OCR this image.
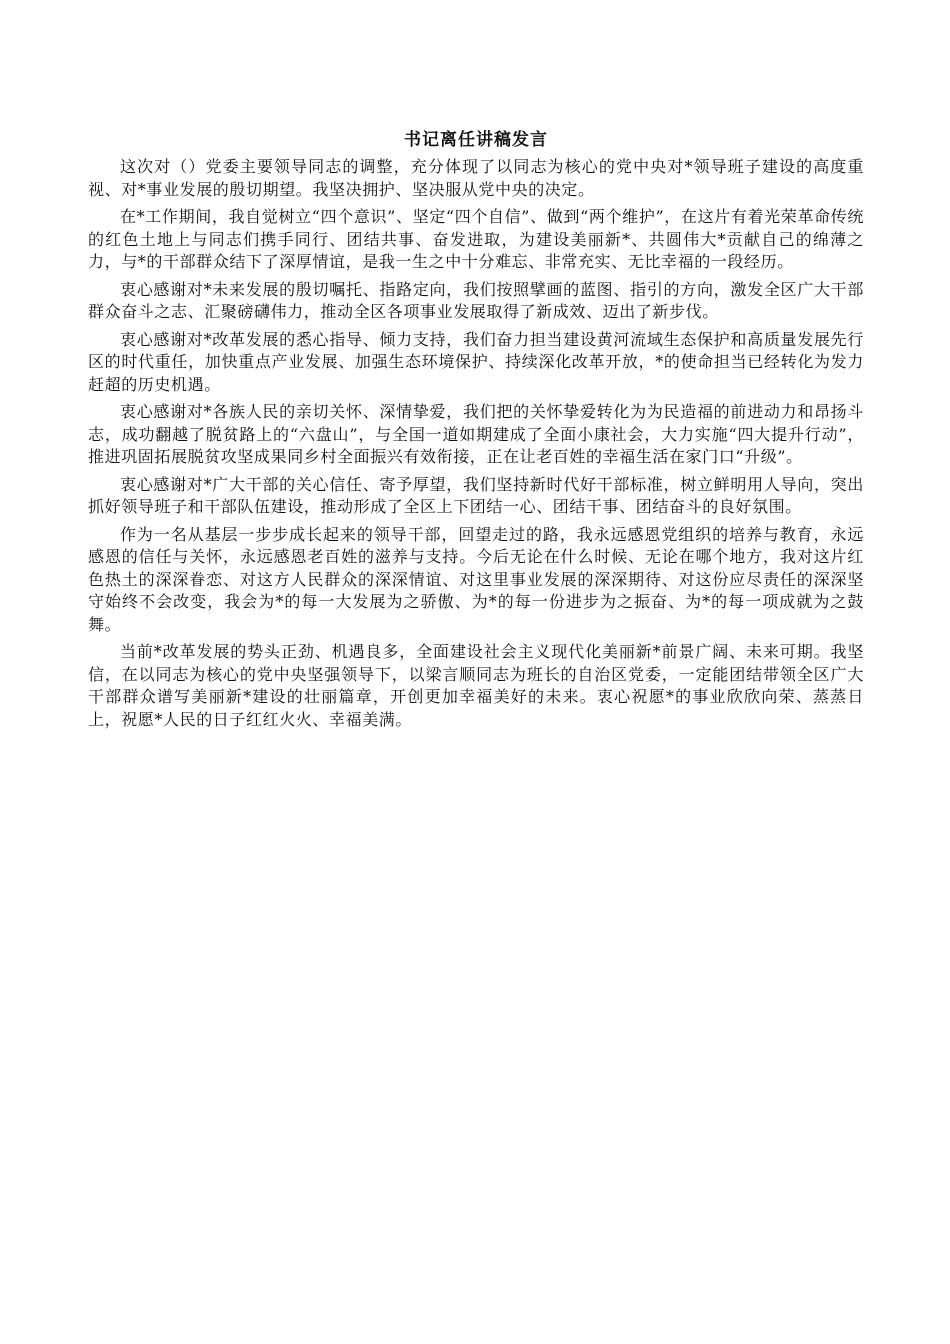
书记离任讲稿发言

这次对（）党委主要领导同志的调整，充分体现了以同志为核心的党中央对*领导班子建设的高度重视、对*事业发展的殷切期望。我坚决拥护、坚决服从党中央的决定。

在*工作期间，我自觉树立“四个意识”、坚定“四个自信”、做到“两个维护”，在这片有着光荣革命传统的红色土地上与同志们携手同行、团结共事、奋发进取，为建设美丽新*、共圆伟大*贡献自己的绵薄之力，与*的干部群众结下了深厚情谊，是我一生之中十分难忘、非常充实、无比幸福的一段经历。

衷心感谢对*未来发展的殷切嘱托、指路定向，我们按照擘画的蓝图、指引的方向，激发全区广大干部群众奋斗之志、汇聚磅礴伟力，推动全区各项事业发展取得了新成效、迈出了新步伐。

衷心感谢对*改革发展的悉心指导、倾力支持，我们奋力担当建设黄河流域生态保护和高质量发展先行区的时代重任，加快重点产业发展、加强生态环境保护、持续深化改革开放，*的使命担当已经转化为发力赶超的历史机遇。

衷心感谢对*各族人民的亲切关怀、深情挚爱，我们把的关怀挚爱转化为为民造福的前进动力和昂扬斗志，成功翻越了脱贫路上的“六盘山”，与全国一道如期建成了全面小康社会，大力实施“四大提升行动”，推进巩固拓展脱贫攻坚成果同乡村全面振兴有效衔接，正在让老百姓的幸福生活在家门口“升级”。

衷心感谢对*广大干部的关心信任、寄予厚望，我们坚持新时代好干部标准，树立鲜明用人导向，突出抓好领导班子和干部队伍建设，推动形成了全区上下团结一心、团结干事、团结奋斗的良好氛围。

作为一名从基层一步步成长起来的领导干部，回望走过的路，我永远感恩党组织的培养与教育，永远感恩的信任与关怀，永远感恩老百姓的滋养与支持。今后无论在什么时候、无论在哪个地方，我对这片红色热土的深深眷恋、对这方人民群众的深深情谊、对这里事业发展的深深期待、对这份应尽责任的深深坚守始终不会改变，我会为*的每一大发展为之骄傲、为*的每一份进步为之振奋、为*的每一项成就为之鼓舞。

当前*改革发展的势头正劲、机遇良多，全面建设社会主义现代化美丽新*前景广阔、未来可期。我坚信，在以同志为核心的党中央坚强领导下，以梁言顺同志为班长的自治区党委，一定能团结带领全区广大干部群众谱写美丽新*建设的壮丽篇章，开创更加幸福美好的未来。衷心祝愿*的事业欣欣向荣、蒸蒸日上，祝愿*人民的日子红红火火、幸福美满。
